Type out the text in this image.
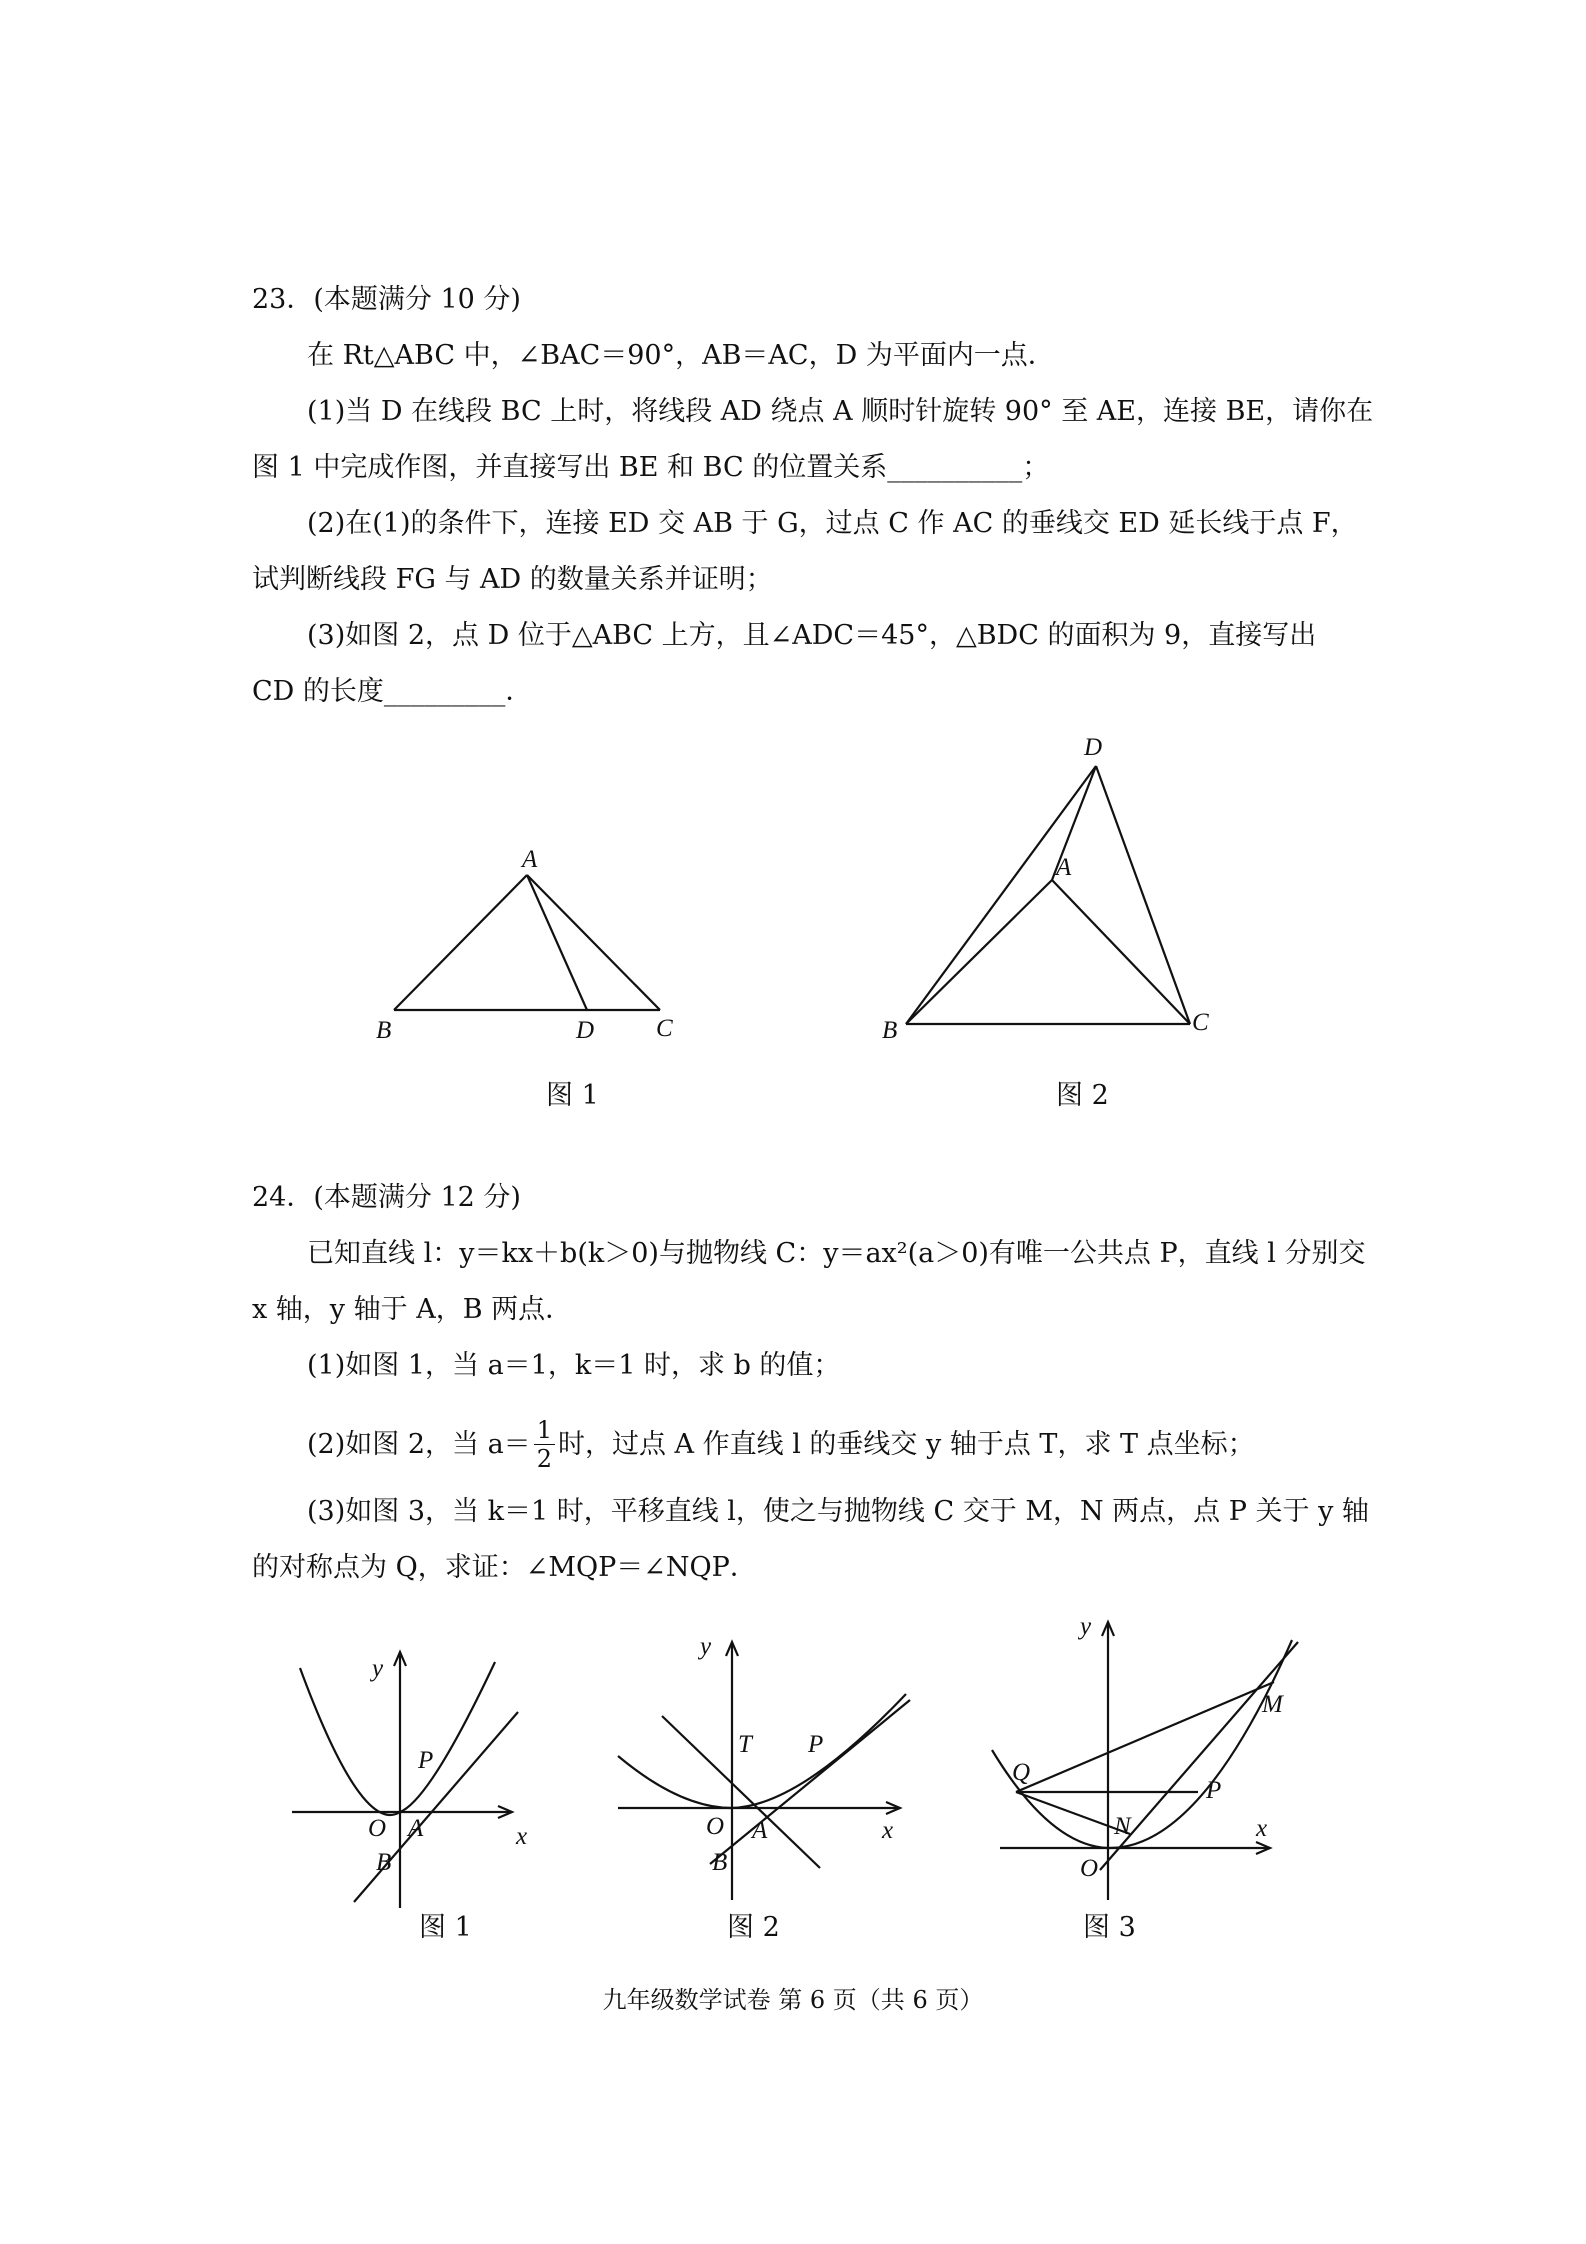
23．(本题满分 10 分)
在 Rt△ABC 中，∠BAC＝90°，AB＝AC，D 为平面内一点．
(1)当 D 在线段 BC 上时，将线段 AD 绕点 A 顺时针旋转 90° 至 AE，连接 BE，请你在
图 1 中完成作图，并直接写出 BE 和 BC 的位置关系__________；
(2)在(1)的条件下，连接 ED 交 AB 于 G，过点 C 作 AC 的垂线交 ED 延长线于点 F，
试判断线段 FG 与 AD 的数量关系并证明；
(3)如图 2，点 D 位于△ABC 上方，且∠ADC＝45°，△BDC 的面积为 9，直接写出
CD 的长度_________．
A
B	D C
图 1
D
A
B	C
图 2
24．(本题满分 12 分)
已知直线 l：y＝kx＋b(k＞0)与抛物线 C：y＝ax²(a＞0)有唯一公共点 P，直线 l 分别交
x 轴，y 轴于 A，B 两点．
(1)如图 1，当 a＝1，k＝1 时，求 b 的值；
(2)如图 2，当 $a= \frac{1}{2}$ 时，过点 A 作直线 l 的垂线交 y 轴于点 T，求 T 点坐标；
(3)如图 3，当 k＝1 时，平移直线 l，使之与抛物线 C 交于 M，N 两点，点 P 关于 y 轴
的对称点为 Q，求证：∠MQP＝∠NQP．
y
x
O A
B
P
图 1
y
x
O A
B
T P
图 2
y
x
O
N
M
P
Q
图 3
九年级数学试卷 第 6 页（共 6 页）
